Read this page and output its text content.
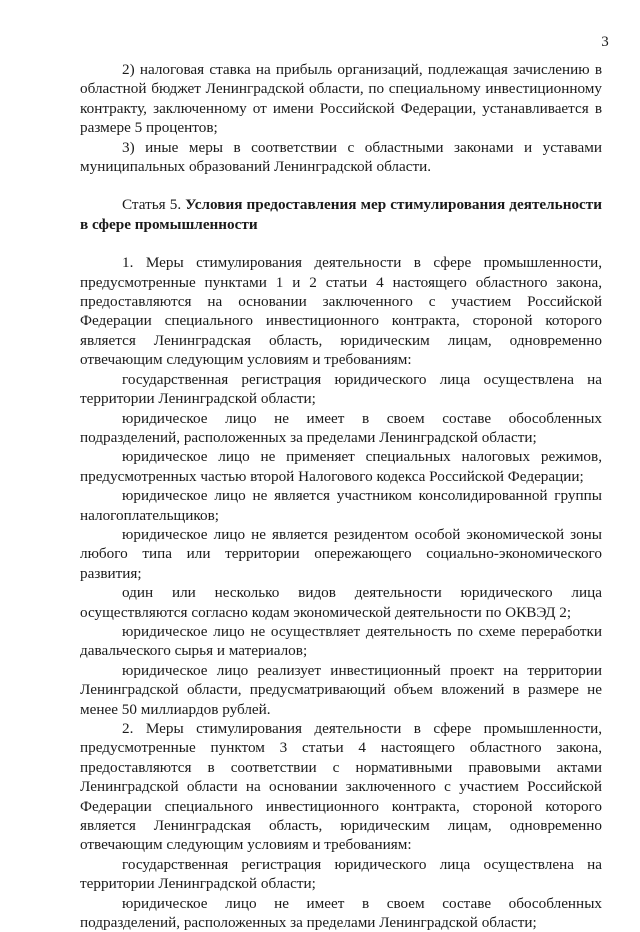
3

2) налоговая ставка на прибыль организаций, подлежащая зачислению в областной бюджет Ленинградской области, по специальному инвестиционному контракту, заключенному от имени Российской Федерации, устанавливается в размере 5 процентов;

3) иные меры в соответствии с областными законами и уставами муниципальных образований Ленинградской области.

Статья 5. Условия предоставления мер стимулирования деятельности в сфере промышленности

1. Меры стимулирования деятельности в сфере промышленности, предусмотренные пунктами 1 и 2 статьи 4 настоящего областного закона, предоставляются на основании заключенного с участием Российской Федерации специального инвестиционного контракта, стороной которого является Ленинградская область, юридическим лицам, одновременно отвечающим следующим условиям и требованиям:

государственная регистрация юридического лица осуществлена на территории Ленинградской области;

юридическое лицо не имеет в своем составе обособленных подразделений, расположенных за пределами Ленинградской области;

юридическое лицо не применяет специальных налоговых режимов, предусмотренных частью второй Налогового кодекса Российской Федерации;

юридическое лицо не является участником консолидированной группы налогоплательщиков;

юридическое лицо не является резидентом особой экономической зоны любого типа или территории опережающего социально-экономического развития;

один или несколько видов деятельности юридического лица осуществляются согласно кодам экономической деятельности по ОКВЭД 2;

юридическое лицо не осуществляет деятельность по схеме переработки давальческого сырья и материалов;

юридическое лицо реализует инвестиционный проект на территории Ленинградской области, предусматривающий объем вложений в размере не менее 50 миллиардов рублей.

2. Меры стимулирования деятельности в сфере промышленности, предусмотренные пунктом 3 статьи 4 настоящего областного закона, предоставляются в соответствии с нормативными правовыми актами Ленинградской области на основании заключенного с участием Российской Федерации специального инвестиционного контракта, стороной которого является Ленинградская область, юридическим лицам, одновременно отвечающим следующим условиям и требованиям:

государственная регистрация юридического лица осуществлена на территории Ленинградской области;

юридическое лицо не имеет в своем составе обособленных подразделений, расположенных за пределами Ленинградской области;
